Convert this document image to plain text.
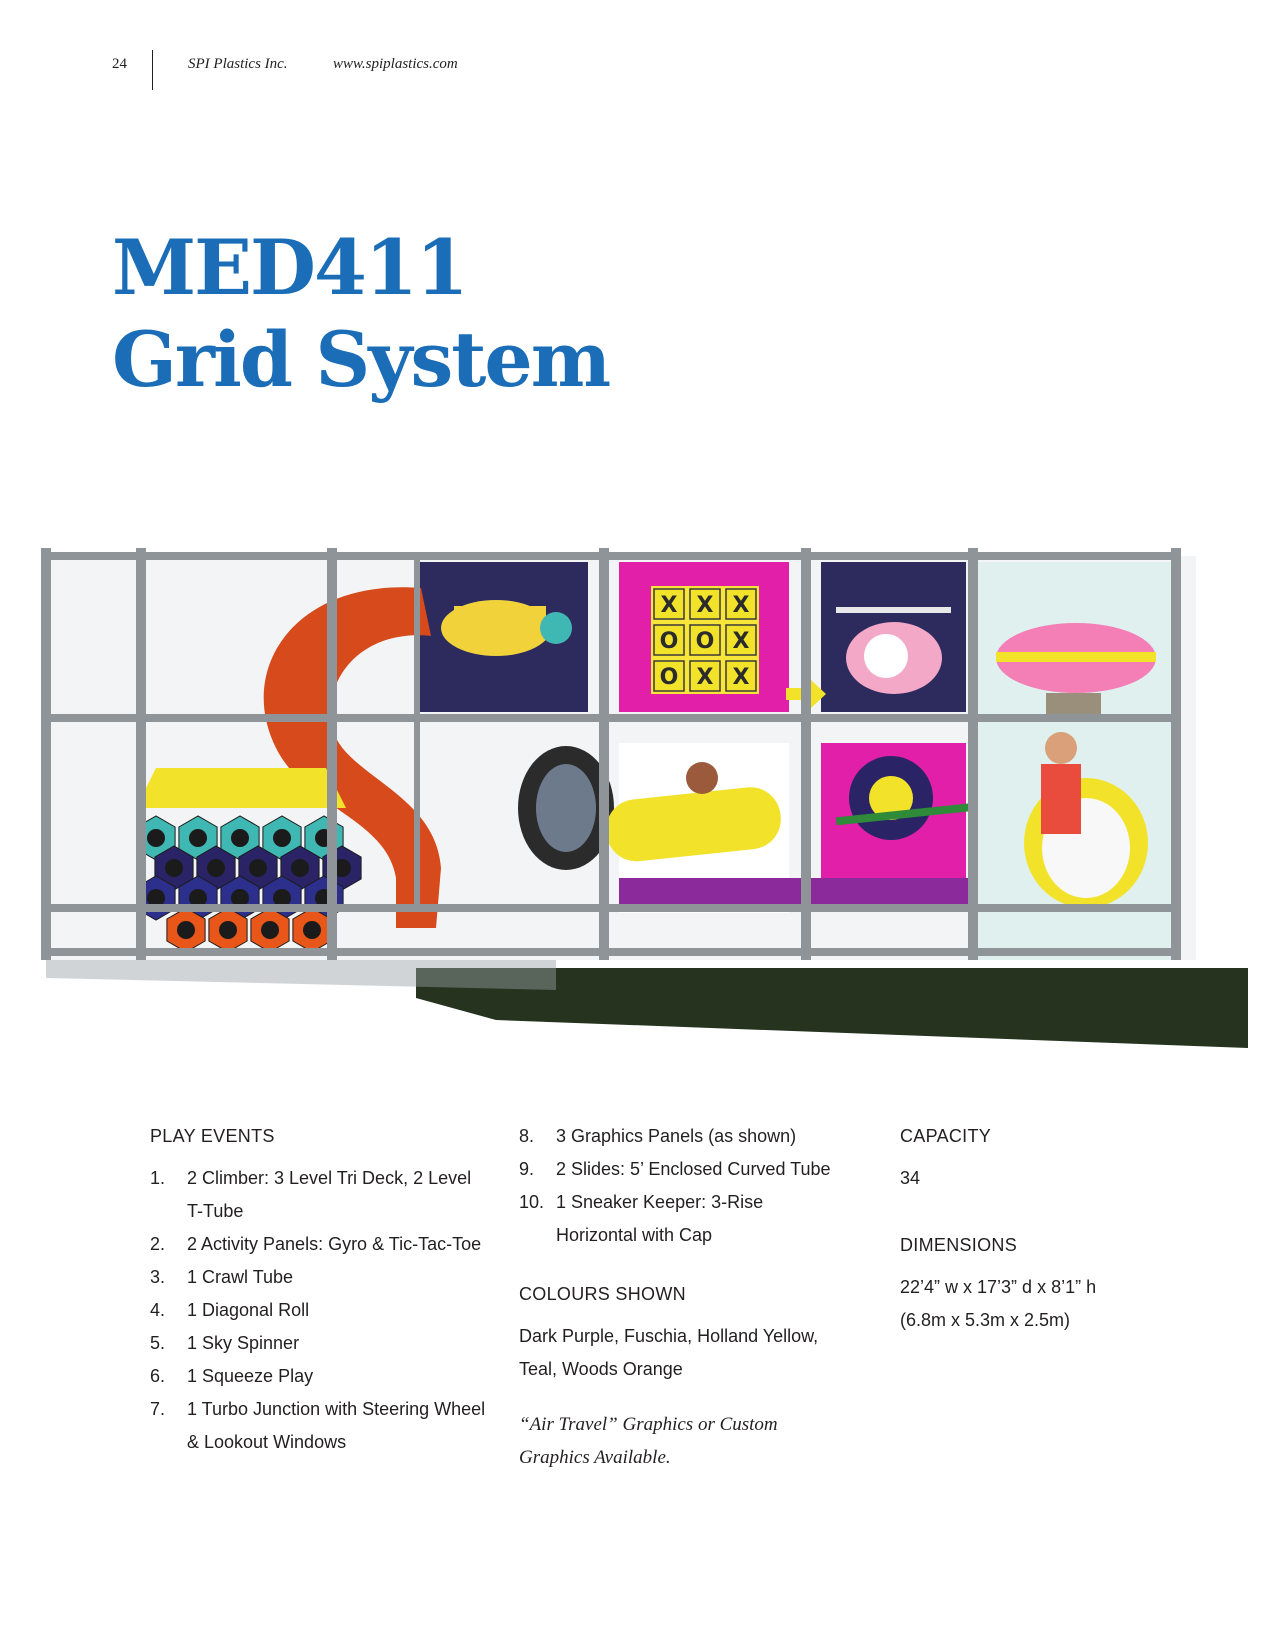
24	SPI Plastics Inc.	www.spiplastics.com
MED411
Grid System
X X X
O O X
O X X
PLAY EVENTS
1. 2 Climber: 3 Level Tri Deck, 2 Level T-Tube
2. 2 Activity Panels: Gyro & Tic-Tac-Toe
3. 1 Crawl Tube
4. 1 Diagonal Roll
5. 1 Sky Spinner
6. 1 Squeeze Play
7. 1 Turbo Junction with Steering Wheel & Lookout Windows
8. 3 Graphics Panels (as shown)
9. 2 Slides: 5’ Enclosed Curved Tube
10. 1 Sneaker Keeper: 3-Rise Horizontal with Cap
COLOURS SHOWN

Dark Purple, Fuschia, Holland Yellow, Teal, Woods Orange

“Air Travel” Graphics or Custom Graphics Available.

CAPACITY

34

DIMENSIONS
22’4” w x 17’3” d x 8’1” h
(6.8m x 5.3m x 2.5m)
